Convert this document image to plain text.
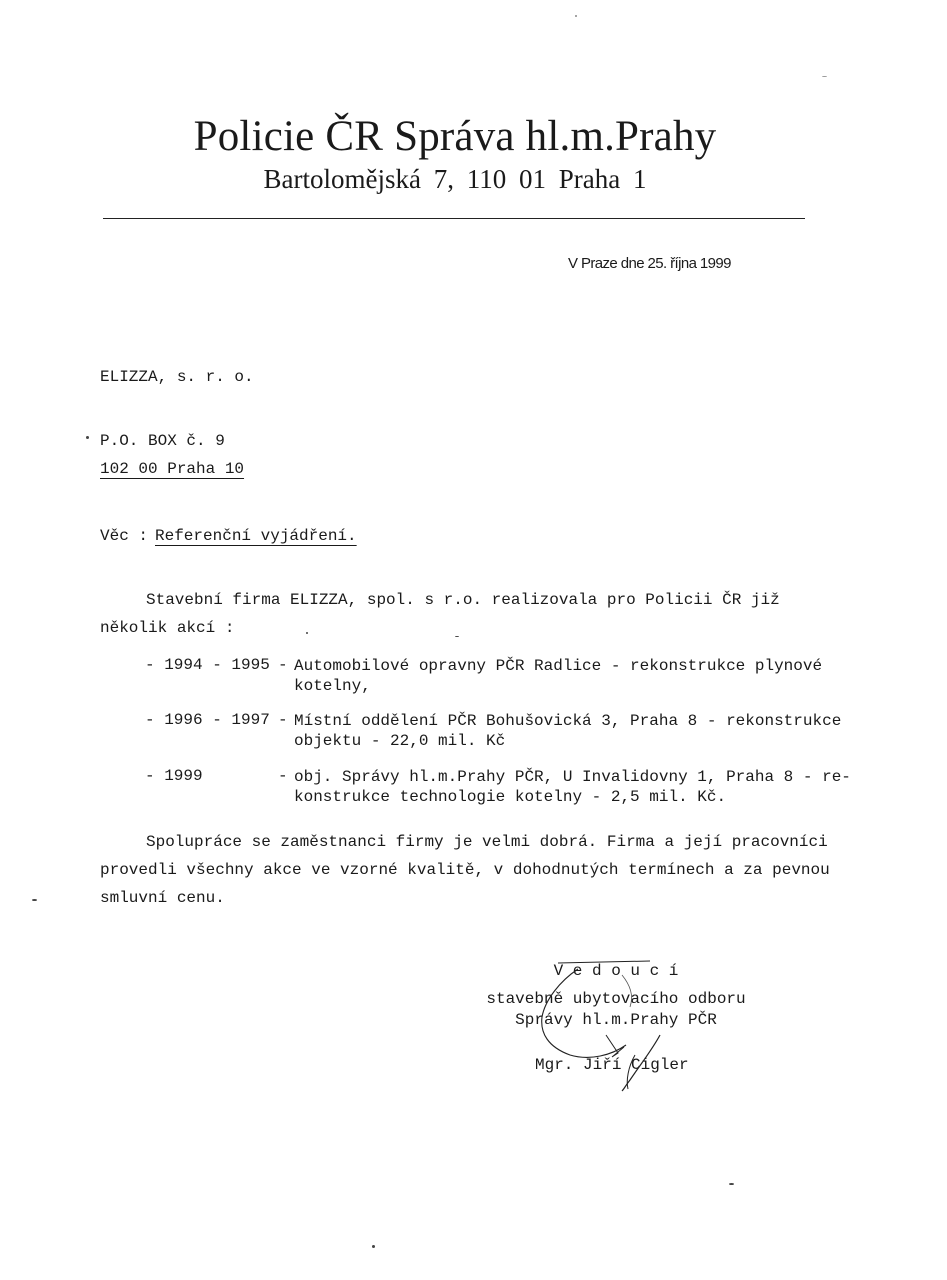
Policie ČR Správa hl.m.Prahy
Bartolomějská 7, 110 01 Praha 1
V Praze dne 25. října 1999
ELIZZA, s. r. o.
P.O. BOX č. 9
102 00 Praha 10
Věc : Referenční vyjádření.
Stavební firma ELIZZA, spol. s r.o. realizovala pro Policii ČR již
několik akcí :
- 1994 - 1995 - Automobilové opravny PČR Radlice - rekonstrukce plynové
kotelny,
- 1996 - 1997 - Místní oddělení PČR Bohušovická 3, Praha 8 - rekonstrukce
objektu - 22,0 mil. Kč
- 1999	- obj. Správy hl.m.Prahy PČR, U Invalidovny 1, Praha 8 - re-
konstrukce technologie kotelny - 2,5 mil. Kč.
Spolupráce se zaměstnanci firmy je velmi dobrá. Firma a její pracovníci
provedli všechny akce ve vzorné kvalitě, v dohodnutých termínech a za pevnou
smluvní cenu.
V e d o u c í
stavebně ubytovacího odboru
Správy hl.m.Prahy PČR
Mgr. Jiří Cigler
